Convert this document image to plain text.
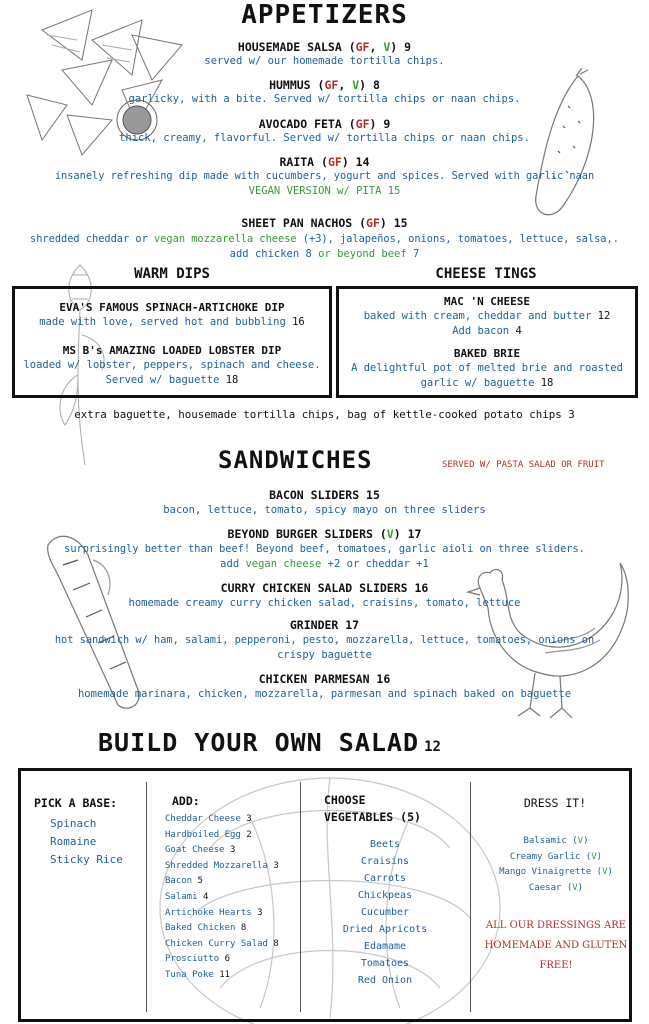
APPETIZERS
HOUSEMADE SALSA (GF, V) 9
served w/ our homemade tortilla chips.
HUMMUS (GF, V) 8
garlicky, with a bite. Served w/ tortilla chips or naan chips.
AVOCADO FETA (GF) 9
thick, creamy, flavorful. Served w/ tortilla chips or naan chips.
RAITA (GF) 14
insanely refreshing dip made with cucumbers, yogurt and spices. Served with garlic naan
VEGAN VERSION w/ PITA 15
SHEET PAN NACHOS (GF) 15
shredded cheddar or vegan mozzarella cheese (+3), jalapeños, onions, tomatoes, lettuce, salsa,.
add chicken 8 or beyond beef 7
WARM DIPS
EVA'S FAMOUS SPINACH-ARTICHOKE DIP
made with love, served hot and bubbling 16
MS B's AMAZING LOADED LOBSTER DIP
loaded w/ lobster, peppers, spinach and cheese.
Served w/ baguette 18
CHEESE TINGS
MAC 'N CHEESE
baked with cream, cheddar and butter 12
Add bacon 4
BAKED BRIE
A delightful pot of melted brie and roasted
garlic w/ baguette 18
extra baguette, housemade tortilla chips, bag of kettle-cooked potato chips 3
SANDWICHES	SERVED W/ PASTA SALAD OR FRUIT
BACON SLIDERS 15
bacon, lettuce, tomato, spicy mayo on three sliders
BEYOND BURGER SLIDERS (V) 17
surprisingly better than beef! Beyond beef, tomatoes, garlic aioli on three sliders.
add vegan cheese +2 or cheddar +1
CURRY CHICKEN SALAD SLIDERS 16
homemade creamy curry chicken salad, craisins, tomato, lettuce
GRINDER 17
hot sandwich w/ ham, salami, pepperoni, pesto, mozzarella, lettuce, tomatoes, onions on
crispy baguette
CHICKEN PARMESAN 16
homemade marinara, chicken, mozzarella, parmesan and spinach baked on baguette
BUILD YOUR OWN SALAD 12
PICK A BASE:
Spinach
Romaine
Sticky Rice
ADD:
Cheddar Cheese 3
Hardboiled Egg 2
Goat Cheese 3
Shredded Mozzarella 3
Bacon 5
Salami 4
Artichoke Hearts 3
Baked Chicken 8
Chicken Curry Salad 8
Prosciutto 6
Tuna Poke 11
CHOOSE
VEGETABLES (5)
Beets
Craisins
Carrots
Chickpeas
Cucumber
Dried Apricots
Edamame
Tomatoes
Red Onion
DRESS IT!
Balsamic (V)
Creamy Garlic (V)
Mango Vinaigrette (V)
Caesar (V)
ALL OUR DRESSINGS ARE
HOMEMADE AND GLUTEN
FREE!
